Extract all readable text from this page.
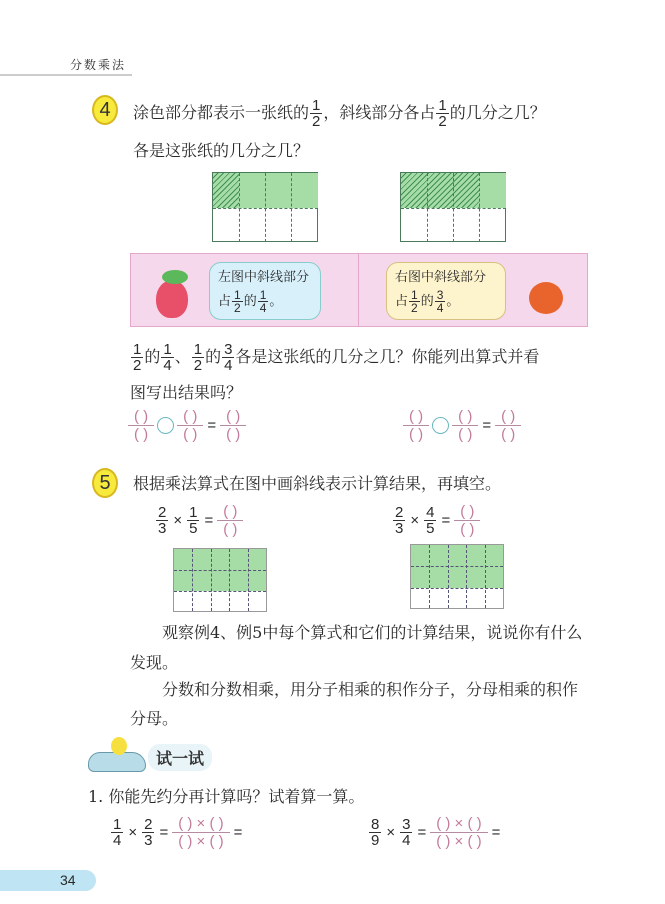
分数乘法
4	涂色部分都表示一张纸的 $\frac{1}{2}$ ，斜线部分各占 $\frac{1}{2}$ 的几分之几？
各是这张纸的几分之几？
左图中斜线部分
占 $\frac{1}{2}$ 的 $\frac{1}{4}$ 。
右图中斜线部分
占 $\frac{1}{2}$ 的 $\frac{3}{4}$ 。
$\frac{1}{2}$ 的 $\frac{1}{4}$ 、 $\frac{1}{2}$ 的 $\frac{3}{4}$ 各是这张纸的几分之几？你能列出算式并看
图写出结果吗？
( )
( )
( )
( )
=
( )
( )
( )
( )
( )
( )
=
( )
( )
5	根据乘法算式在图中画斜线表示计算结果，再填空。
$\frac{2}{3} \times \frac{1}{5}$ =
( )
( )	$\frac{2}{3} \times \frac{4}{5}$ =
( )
( )
观察例4、例5中每个算式和它们的计算结果，说说你有什么
发现。
分数和分数相乘，用分子相乘的积作分子，分母相乘的积作
分母。
试一试
1. 你能先约分再计算吗？试着算一算。
$\frac{1}{4} \times \frac{2}{3}$ =
( ) × ( )
( ) × ( )
=	$\frac{8}{9} \times \frac{3}{4}$ =
( ) × ( )
( ) × ( )
=
34
